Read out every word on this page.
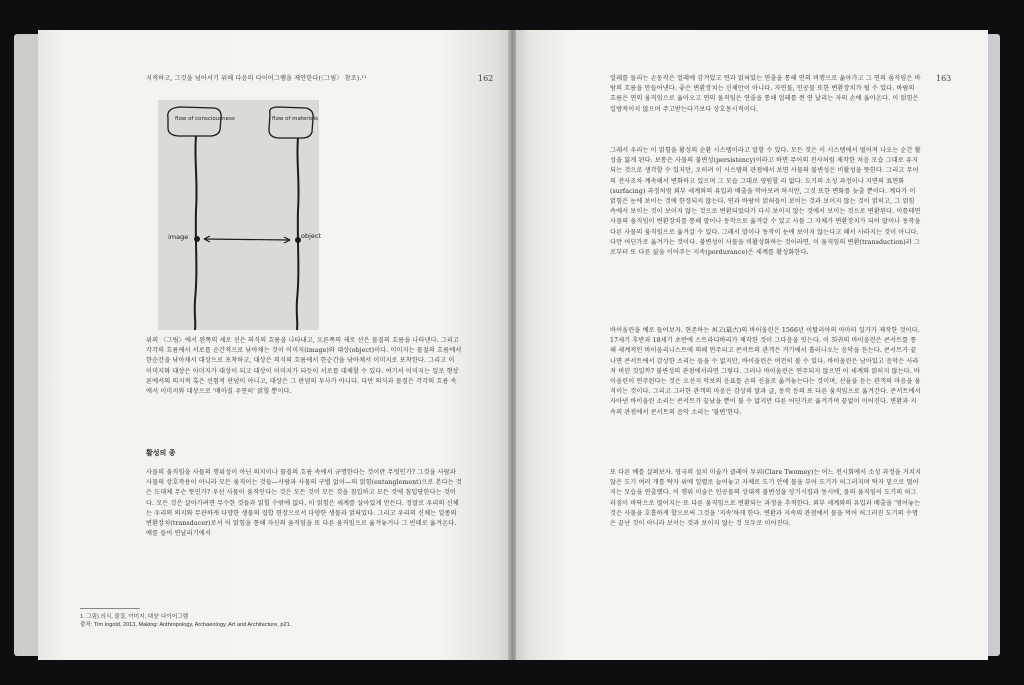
162
지적하고, 그것을 넘어서기 위해 다음의 다이어그램을 제안한다(〈그림〉 참조).¹¹
flow of consciousness	flow of materials
image	object
위의 〈그림〉에서 왼쪽의 세로 선은 의식의 흐름을 나타내고, 오른쪽의 세로 선은 물질의 흐름을 나타낸다. 그리고 각각의 흐름에서 서로를 순간적으로 낚아채는 것이 이미지(image)와 대상(object)이다. 이미지는 물질의 흐름에서 한순간을 낚아채서 대상으로 포착하고, 대상은 의식의 흐름에서 한순간을 낚아채서 이미지로 포착한다. 그리고 이 이미지와 대상은 이미지가 대상이 되고 대상이 이미지가 되듯이 서로를 대체할 수 있다. 여기서 이미지는 일로 형상론에서의 의지적 혹은 선험적 판념이 아니고, 대상은 그 판념의 투사가 아니다. 다만 의식과 물질은 각각의 흐름 속에서 이미지와 대상으로 '매아질 우연히' 얽힐 뿐이다.
활성의 종
사물의 움직임을 사물의 행위성이 아닌 의지이나 물질의 흐름 속에서 규명한다는 것이란 무엇인가? 그것을 사람과 사물의 상호작용이 아니라 모든 움직이는 것들—사람과 사물의 구별 없이—의 얽힘(entanglement)으로 본다는 것은 도대체 무슨 뜻인가? 우선 사물이 움직인다는 것은 모든 것이 모든 것을 침입하고 모든 것에 침입당한다는 것이다. 모든 것은 살아가려면 무수한 것들과 얽힐 수밖에 없다. 이 얽힘은 세계를 살아있게 만든다. 정말로 우리의 신체는 우리의 의지와 무관하게 다양한 생물의 집합 현장으로서 다양한 생물과 얽혀있다. 그리고 우리의 신체는 일종의 변환장치(transducer)로서 이 얽힘을 통해 자신의 움직임을 또 다른 움직임으로 옮겨놓거나 그 빈데로 옮겨온다. 예를 들어 연날리기에서
1. 그림) 의식, 물질, 이미지, 대상' 다이어그램
출처: Tim Ingold, 2013, Making: Anthropology, Archaeology, Art and Architecture, p21.
163
얼레를 돌리는 손동작은 얼레에 감겨있고 연과 얽혀있는 연줄을 통해 연의 비행으로 옮아가고 그 연의 움직임은 바람의 흐름을 만들어낸다. 좋은 변환장치는 신체만이 아니다. 자연물, 인공물 또한 변환장치가 될 수 있다. 바람의 흐름은 연의 움직임으로 옮아오고 연의 움직임은 연줄을 통해 얼레를 쥔 연 날리는 자의 손에 옮아온다. 이 얽힘은 일방적이지 않으며 주고받는다기보다 상호동시적이다.
그래서 우리는 이 얽힘을 활성의 순환 시스템이라고 말할 수 있다. 모든 것은 이 시스템에서 떨어져 나오는 순간 활성을 잃게 된다. 보통은 사물의 불변성(persistency)이라고 하면 무어의 전사처럼 제작한 처음 모습 그대로 유지되는 것으로 생각할 수 있지만, 오히려 이 시스템의 관점에서 보면 사물의 불변성은 비활성을 뜻한다. 그리고 무어의 전사조차 계속해서 변화하고 있으며 그 모습 그대로 영원할 리 없다. 도기의 소성 과정이나 지면의 표면화(surfacing) 과정처럼 외부 세계와의 유입과 배출을 막아보려 하지만, 그것 또한 변화를 늦출 뿐이다. 계다가 이 얽힘은 눈에 보이는 것에 한정되지 않는다. 연과 바람이 얽혀들이 보이는 것과 보이지 않는 것이 얽히고, 그 얽힘 속에서 보이는 것이 보이지 않는 것으로 변환되었다가 다시 보이지 않는 것에서 보이는 것으로 변환된다. 이를테면 사물의 움직임이 변환장치를 통해 말이나 동작으로 옮겨갈 수 있고 사물 그 자체가 변환장치가 되어 말이나 동작을 다른 사물의 움직임으로 옮겨갈 수 있다. 그래서 말이나 동작이 눈에 보이지 않는다고 해서 사라지는 것이 아니다. 다만 어딘가로 옮겨가는 것이다. 불변성이 사물을 비활성화하는 것이라면, 이 움직임의 변환(transduction)과 그로부터 또 다른 삶을 이어주는 지속(perdurance)은 세계를 활성화한다.
바이올린을 예로 들어보자. 현존하는 최고(最古)의 바이올린은 1566년 이탈리아의 아마티 일가가 제작한 것이다. 17세기 후반과 18세기 초반에 스트라디바리가 제작한 것이 그다음을 잇는다. 이 희귀의 바이올린은 콘서트를 통해 세계적인 바이올리니스트에 의해 연주되고 콘서트의 관객은 거기에서 흘러나오는 음악을 듣는다. 콘서트가 끝나면 콘서트에서 감상한 소리는 들을 수 없지만, 바이올린은 여전히 볼 수 있다. 바이올린은 남아있고 음악은 사라져 버린 것일까? 불변성의 관점에서라면 그렇다. 그러나 바이올린은 연주되지 않으면 이 세계와 얽히지 않는다. 바이올린이 연주된다는 것은 오선지 악보의 음표를 손의 선율로 옮겨놓는다는 것이며, 선율을 듣는 관객의 마음을 움직이는 것이다. 그리고 그러한 관객의 마음은 감상의 말과 글, 동작 등의 또 다른 움직임으로 옮겨간다. 콘서트에서 자아낸 바이올린 소리는 콘서트가 끝났을 뿐이 불 수 없지만 다른 어딘가로 옮겨가며 끝없이 이어진다. 변환과 지속의 관점에서 콘서트의 음악 소리는 '불변'한다.
또 다른 예를 살펴보자. 영국의 설치 미술가 클레어 투위(Clare Twomey)는 어느 전시회에서 소성 과정을 거치지 않은 도기 여러 개를 탁자 위에 일렬로 늘어놓고 자체로 도기 안에 물을 부어 도기가 허그러지며 탁자 밑으로 떨어지는 모습을 연출했다. 이 행위 미술은 인공물의 상대적 불변성을 상기시킴과 동시에, 물의 움직임이 도기의 허그러짐이 바닥으로 떨어지는 또 다른 움직임으로 변환되는 과정을 추적한다. 외부 세계와의 유입과 배출을 '멈어놓는 것은 사물을 호흡하게 할으로써 그것을 '지속'하게 한다. 변환과 지속의 관점에서 물을 먹어 허그러진 도기의 수명은 끝난 것이 아니라 보이는 것과 보이지 않는 것 모두로 이어진다.
